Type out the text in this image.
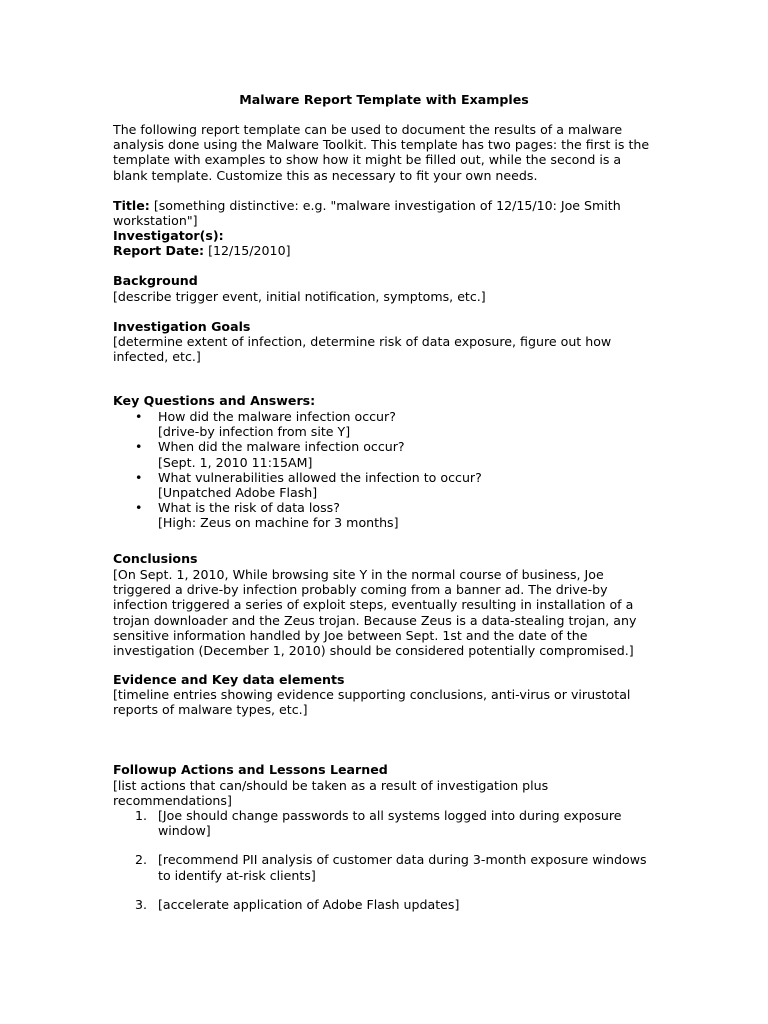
Malware Report Template with Examples

The following report template can be used to document the results of a malware analysis done using the Malware Toolkit. This template has two pages: the first is the template with examples to show how it might be filled out, while the second is a blank template. Customize this as necessary to fit your own needs.

Title: [something distinctive: e.g. "malware investigation of 12/15/10: Joe Smith workstation"]

Investigator(s):

Report Date: [12/15/2010]

Background

[describe trigger event, initial notification, symptoms, etc.]

Investigation Goals

[determine extent of infection, determine risk of data exposure, figure out how infected, etc.]

Key Questions and Answers:

• How did the malware infection occur?
[drive-by infection from site Y]
• When did the malware infection occur?
[Sept. 1, 2010 11:15AM]
• What vulnerabilities allowed the infection to occur?
[Unpatched Adobe Flash]
• What is the risk of data loss?
[High: Zeus on machine for 3 months]

Conclusions

[On Sept. 1, 2010, While browsing site Y in the normal course of business, Joe triggered a drive-by infection probably coming from a banner ad. The drive-by infection triggered a series of exploit steps, eventually resulting in installation of a trojan downloader and the Zeus trojan. Because Zeus is a data-stealing trojan, any sensitive information handled by Joe between Sept. 1st and the date of the investigation (December 1, 2010) should be considered potentially compromised.]

Evidence and Key data elements

[timeline entries showing evidence supporting conclusions, anti-virus or virustotal reports of malware types, etc.]

Followup Actions and Lessons Learned

[list actions that can/should be taken as a result of investigation plus recommendations]

1. [Joe should change passwords to all systems logged into during exposure window]
2. [recommend PII analysis of customer data during 3-month exposure windows to identify at-risk clients]
3. [accelerate application of Adobe Flash updates]
